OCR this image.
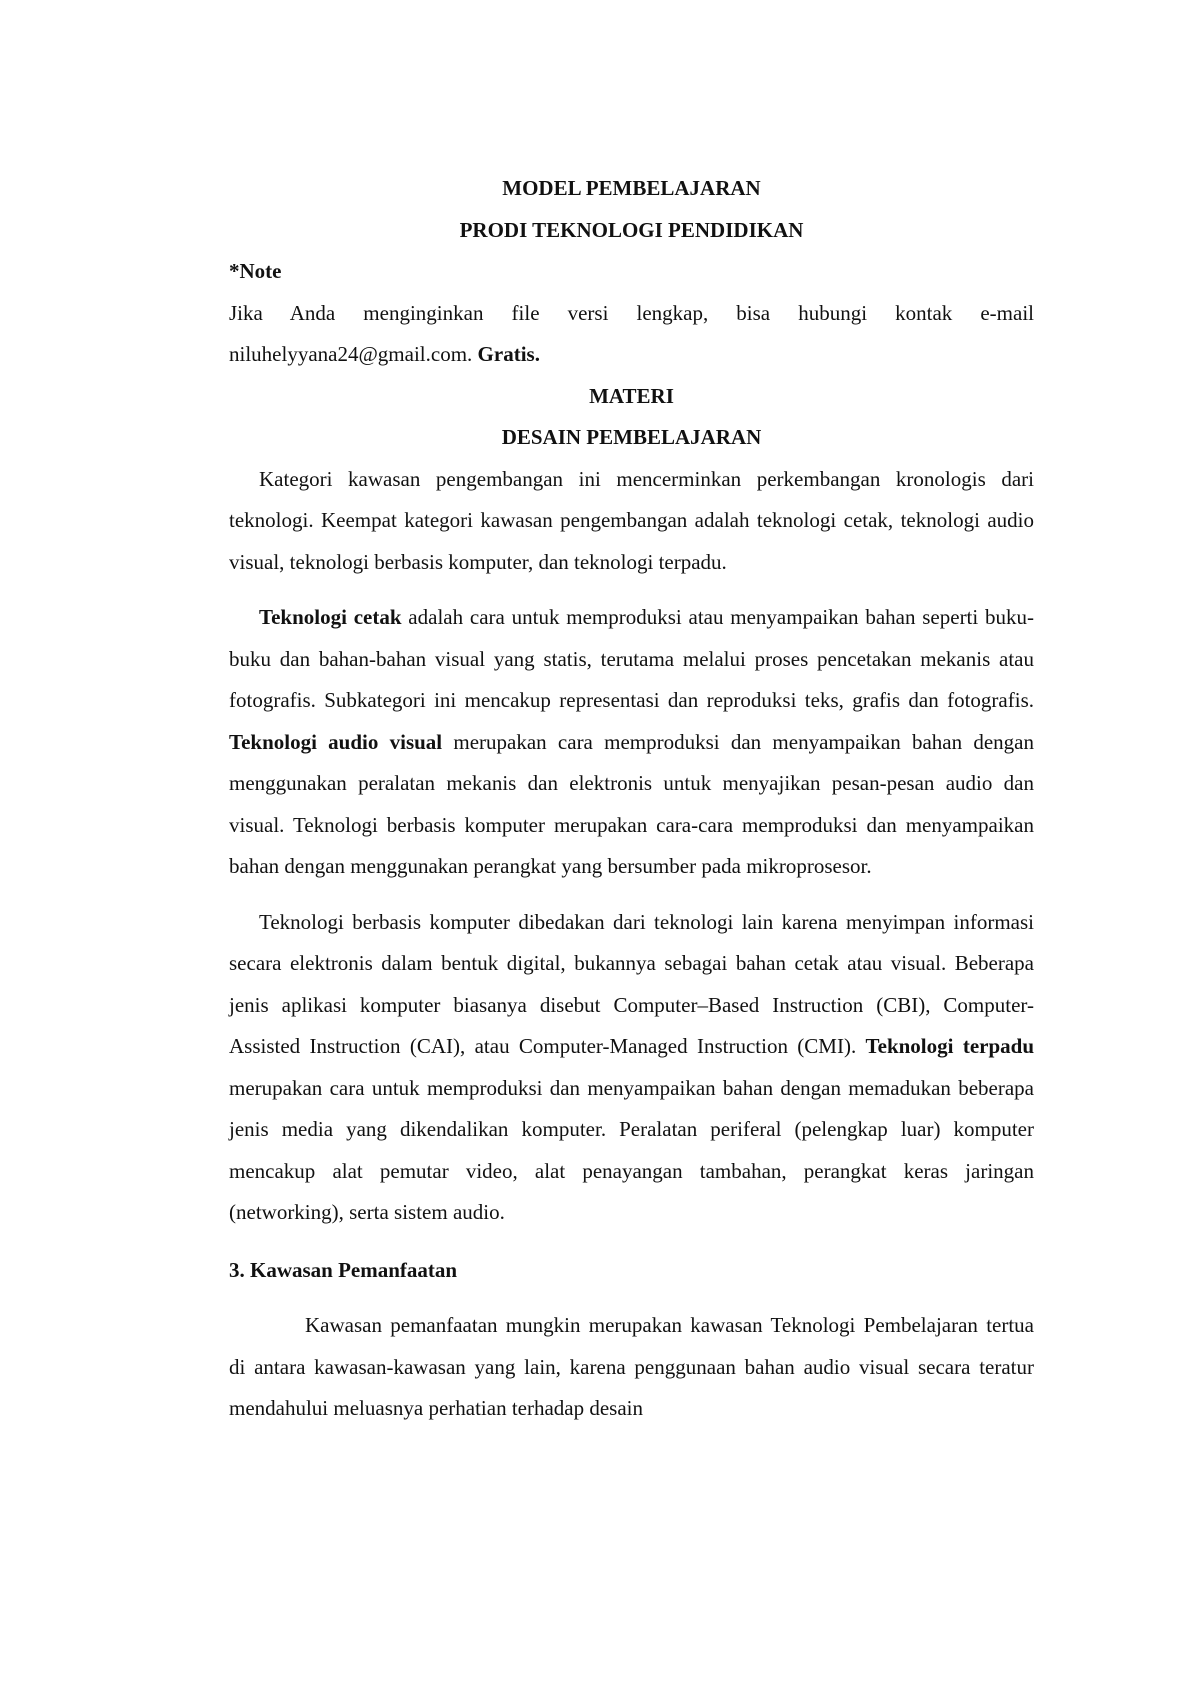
MODEL PEMBELAJARAN
PRODI TEKNOLOGI PENDIDIKAN
*Note
Jika Anda menginginkan file versi lengkap, bisa hubungi kontak e-mail niluhelyyana24@gmail.com. Gratis.
MATERI
DESAIN PEMBELAJARAN

Kategori kawasan pengembangan ini mencerminkan perkembangan kronologis dari teknologi. Keempat kategori kawasan pengembangan adalah teknologi cetak, teknologi audio visual, teknologi berbasis komputer, dan teknologi terpadu.

Teknologi cetak adalah cara untuk memproduksi atau menyampaikan bahan seperti buku-buku dan bahan-bahan visual yang statis, terutama melalui proses pencetakan mekanis atau fotografis. Subkategori ini mencakup representasi dan reproduksi teks, grafis dan fotografis. Teknologi audio visual merupakan cara memproduksi dan menyampaikan bahan dengan menggunakan peralatan mekanis dan elektronis untuk menyajikan pesan-pesan audio dan visual. Teknologi berbasis komputer merupakan cara-cara memproduksi dan menyampaikan bahan dengan menggunakan perangkat yang bersumber pada mikroprosesor.

Teknologi berbasis komputer dibedakan dari teknologi lain karena menyimpan informasi secara elektronis dalam bentuk digital, bukannya sebagai bahan cetak atau visual. Beberapa jenis aplikasi komputer biasanya disebut Computer–Based Instruction (CBI), Computer-Assisted Instruction (CAI), atau Computer-Managed Instruction (CMI). Teknologi terpadu merupakan cara untuk memproduksi dan menyampaikan bahan dengan memadukan beberapa jenis media yang dikendalikan komputer. Peralatan periferal (pelengkap luar) komputer mencakup alat pemutar video, alat penayangan tambahan, perangkat keras jaringan (networking), serta sistem audio.

3. Kawasan Pemanfaatan

Kawasan pemanfaatan mungkin merupakan kawasan Teknologi Pembelajaran tertua di antara kawasan-kawasan yang lain, karena penggunaan bahan audio visual secara teratur mendahului meluasnya perhatian terhadap desain
